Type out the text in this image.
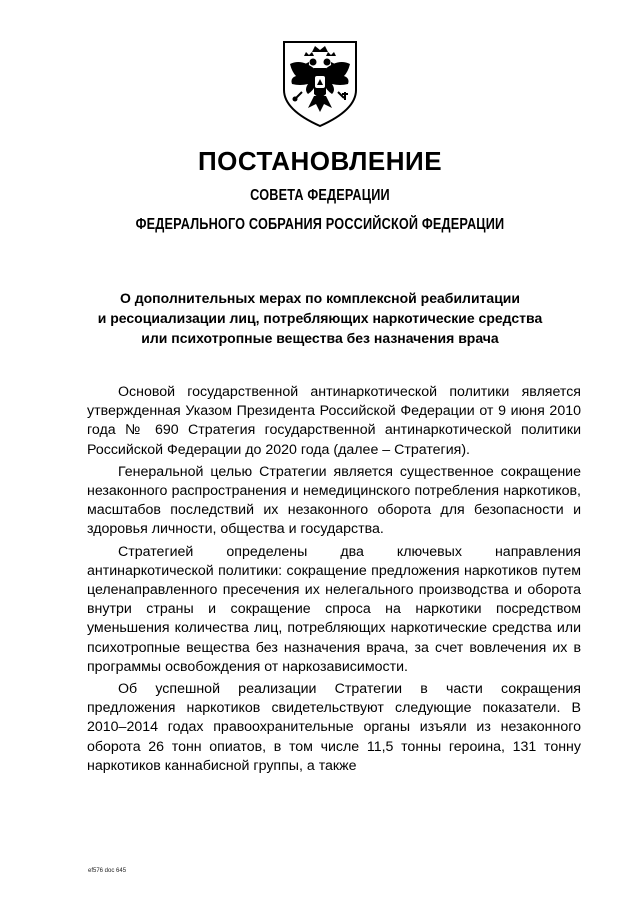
ПОСТАНОВЛЕНИЕ
СОВЕТА ФЕДЕРАЦИИ
ФЕДЕРАЛЬНОГО СОБРАНИЯ РОССИЙСКОЙ ФЕДЕРАЦИИ
О дополнительных мерах по комплексной реабилитации
и ресоциализации лиц, потребляющих наркотические средства
или психотропные вещества без назначения врача

Основой государственной антинаркотической политики является утвержденная Указом Президента Российской Федерации от 9 июня 2010 года № 690 Стратегия государственной антинаркотической политики Российской Федерации до 2020 года (далее – Стратегия).

Генеральной целью Стратегии является существенное сокращение незаконного распространения и немедицинского потребления наркотиков, масштабов последствий их незаконного оборота для безопасности и здоровья личности, общества и государства.

Стратегией определены два ключевых направления антинаркотической политики: сокращение предложения наркотиков путем целенаправленного пресечения их нелегального производства и оборота внутри страны и сокращение спроса на наркотики посредством уменьшения количества лиц, потребляющих наркотические средства или психотропные вещества без назначения врача, за счет вовлечения их в программы освобождения от наркозависимости.

Об успешной реализации Стратегии в части сокращения предложения наркотиков свидетельствуют следующие показатели. В 2010–2014 годах правоохранительные органы изъяли из незаконного оборота 26 тонн опиатов, в том числе 11,5 тонны героина, 131 тонну наркотиков каннабисной группы, а также

ef576 doc 645
